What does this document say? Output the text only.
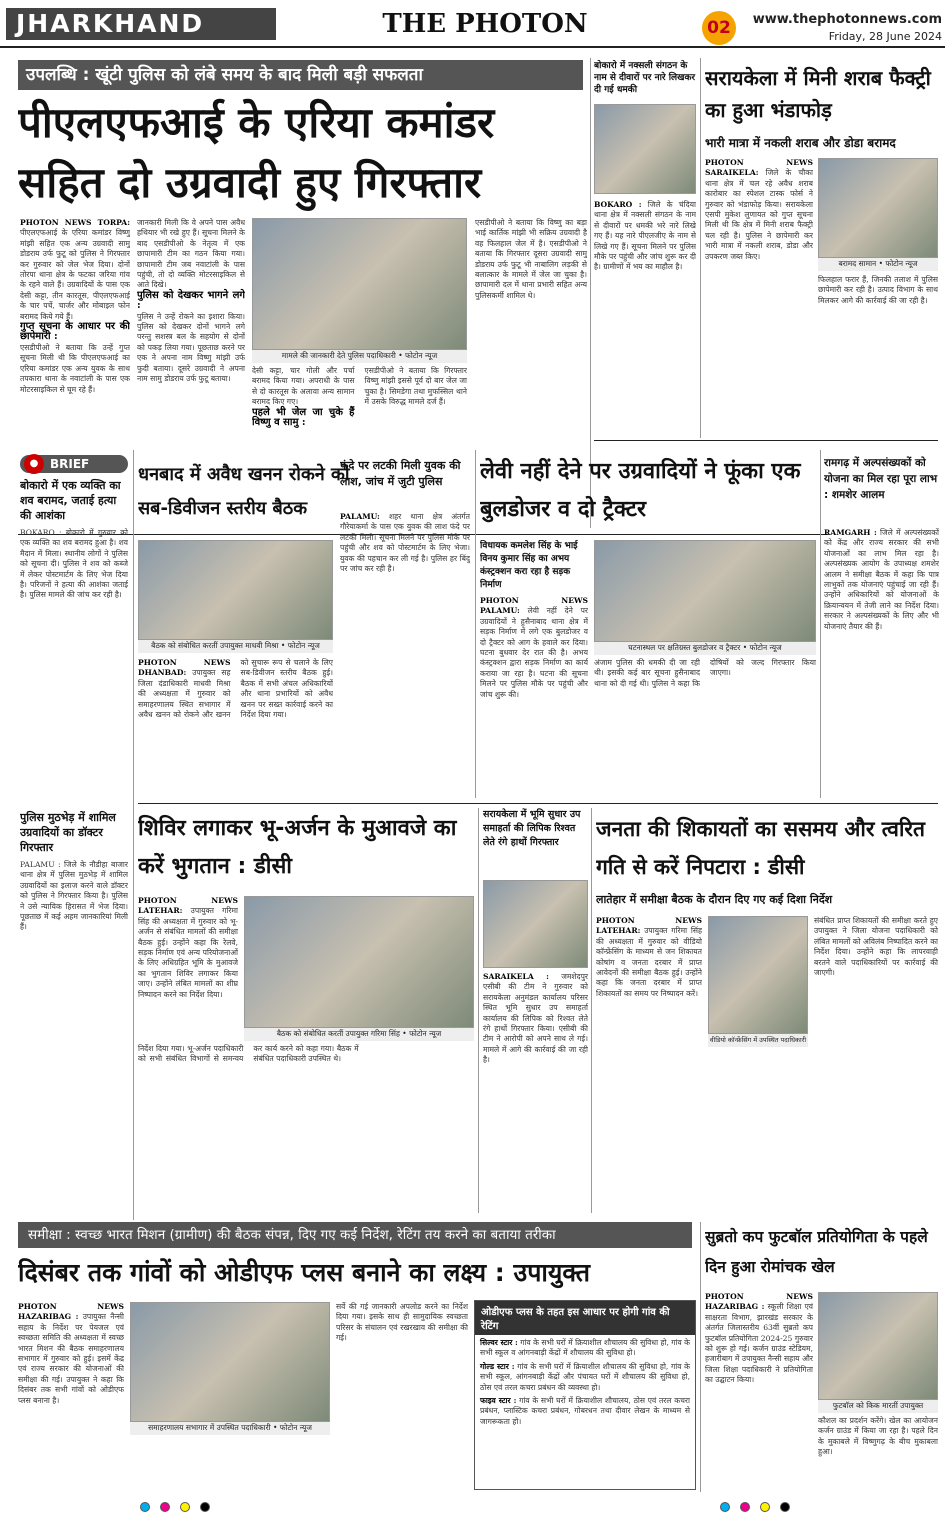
JHARKHAND	THE PHOTON	02	www.thephotonnews.com
Friday, 28 June 2024
उपलब्धि : खूंटी पुलिस को लंबे समय के बाद मिली बड़ी सफलता
पीएलएफआई के एरिया कमांडर
सहित दो उग्रवादी हुए गिरफ्तार
PHOTON NEWS TORPA: पीएलएफआई के एरिया कमांडर विष्णु मांझी सहित एक अन्य उग्रवादी सामु डोडराय उर्फ फुटू को पुलिस ने गिरफ्तार कर गुरुवार को जेल भेज दिया। दोनों तोरपा थाना क्षेत्र के फटका जरिया गांव के रहने वाले हैं। उग्रवादियों के पास एक देसी कट्टा, तीन कारतूस, पीएलएफआई के चार पर्चे, चार्जर और मोबाइल फोन बरामद किये गये हैं।
गुप्त सूचना के आधार पर की छापेमारी :
एसडीपीओ ने बताया कि उन्हें गुप्त सूचना मिली थी कि पीएलएफआई का एरिया कमांडर एक अन्य युवक के साथ तपकारा थाना के नवाटांली के पास एक मोटरसाइकिल से घूम रहे हैं।
जानकारी मिली कि वे अपने पास अवैध हथियार भी रखे हुए हैं। सूचना मिलने के बाद एसडीपीओ के नेतृत्व में एक छापामारी टीम का गठन किया गया। छापामारी टीम जब नवाटांली के पास पहुंची, तो दो व्यक्ति मोटरसाइकिल से आते दिखे।
पुलिस को देखकर भागने लगे :
पुलिस ने उन्हें रोकने का इशारा किया। पुलिस को देखकर दोनों भागने लगे परन्तु सशस्त्र बल के सहयोग से दोनों को पकड़ लिया गया। पूछताछ करने पर एक ने अपना नाम विष्णु मांझी उर्फ फुदी बताया। दूसरे उग्रवादी ने अपना नाम सामु डोडराय उर्फ फुटू बताया।
मामले की जानकारी देते पुलिस पदाधिकारी • फोटोन न्यूज
देसी कट्टा, चार गोली और पर्चा बरामद किया गया। अपराधी के पास से दो कारतूस के अलावा अन्य सामान बरामद किए गए।
पहले भी जेल जा चुके हैं विष्णु व सामु :
एसडीपीओ ने बताया कि गिरफ्तार विष्णु मांझी इससे पूर्व दो बार जेल जा चुका है। सिमडेगा तथा मुफस्सिल थाने में उसके विरुद्ध मामले दर्ज हैं।
एसडीपीओ ने बताया कि विष्णु का बड़ा भाई कार्तिक मांझी भी सक्रिय उग्रवादी है वह फिलहाल जेल में है। एसडीपीओ ने बताया कि गिरफ्तार दूसरा उग्रवादी सामु डोडराय उर्फ फुटू भी नाबालिग लड़की से बलात्कार के मामले में जेल जा चुका है। छापामारी दल में थाना प्रभारी सहित अन्य पुलिसकर्मी शामिल थे।
बोकारो में नक्सली संगठन के नाम से दीवारों पर नारे लिखकर दी गई धमकी
BOKARO : जिले के चंदिया थाना क्षेत्र में नक्सली संगठन के नाम से दीवारों पर धमकी भरे नारे लिखे गए हैं। यह नारे पीएलजीए के नाम से लिखे गए हैं। सूचना मिलने पर पुलिस मौके पर पहुंची और जांच शुरू कर दी है। ग्रामीणों में भय का माहौल है।
सरायकेला में मिनी शराब फैक्ट्री का हुआ भंडाफोड़
भारी मात्रा में नकली शराब और डोडा बरामद
PHOTON NEWS SARAIKELA: जिले के चौका थाना क्षेत्र में चल रहे अवैध शराब कारोबार का स्पेशल टास्क फोर्स ने गुरुवार को भंडाफोड़ किया। सरायकेला एसपी मुकेश लुणायत को गुप्त सूचना मिली थी कि क्षेत्र में मिनी शराब फैक्ट्री चल रही है। पुलिस ने छापेमारी कर भारी मात्रा में नकली शराब, डोडा और उपकरण जब्त किए।
बरामद सामान • फोटोन न्यूज
फिलहाल फरार हैं, जिनकी तलाश में पुलिस छापेमारी कर रही है। उत्पाद विभाग के साथ मिलकर आगे की कार्रवाई की जा रही है।
BRIEF
●
बोकारो में एक व्यक्ति का शव बरामद, जताई हत्या की आशंका
BOKARO : बोकारो में गुरुवार को एक व्यक्ति का शव बरामद हुआ है। शव मैदान में मिला। स्थानीय लोगों ने पुलिस को सूचना दी। पुलिस ने शव को कब्जे में लेकर पोस्टमार्टम के लिए भेज दिया है। परिजनों ने हत्या की आशंका जताई है। पुलिस मामले की जांच कर रही है।
पुलिस मुठभेड़ में शामिल उग्रवादियों का डॉक्टर गिरफ्तार
PALAMU : जिले के नौडीहा बाजार थाना क्षेत्र में पुलिस मुठभेड़ में शामिल उग्रवादियों का इलाज करने वाले डॉक्टर को पुलिस ने गिरफ्तार किया है। पुलिस ने उसे न्यायिक हिरासत में भेज दिया। पूछताछ में कई अहम जानकारियां मिली हैं।
धनबाद में अवैध खनन रोकने को सब-डिवीजन स्तरीय बैठक
बैठक को संबोधित करतीं उपायुक्त माधवी मिश्रा • फोटोन न्यूज
PHOTON NEWS DHANBAD: उपायुक्त सह जिला दंडाधिकारी माधवी मिश्रा की अध्यक्षता में गुरुवार को समाहरणालय स्थित सभागार में अवैध खनन को रोकने और खनन को सुचारू रूप से चलाने के लिए सब-डिवीजन स्तरीय बैठक हुई। बैठक में सभी अंचल अधिकारियों और थाना प्रभारियों को अवैध खनन पर सख्त कार्रवाई करने का निर्देश दिया गया।
फंदे पर लटकी मिली युवक की लाश, जांच में जुटी पुलिस
PALAMU: शहर थाना क्षेत्र अंतर्गत गौरेयाकर्मा के पास एक युवक की लाश फंदे पर लटकी मिली। सूचना मिलने पर पुलिस मौके पर पहुंची और शव को पोस्टमार्टम के लिए भेजा। युवक की पहचान कर ली गई है। पुलिस हर बिंदु पर जांच कर रही है।
लेवी नहीं देने पर उग्रवादियों ने फूंका एक बुलडोजर व दो ट्रैक्टर
विधायक कमलेश सिंह के भाई विनय कुमार सिंह का अभय कंस्ट्रक्शन करा रहा है सड़क निर्माण
PHOTON NEWS PALAMU: लेवी नहीं देने पर उग्रवादियों ने हुसैनाबाद थाना क्षेत्र में सड़क निर्माण में लगे एक बुलडोजर व दो ट्रैक्टर को आग के हवाले कर दिया। घटना बुधवार देर रात की है। अभय कंस्ट्रक्शन द्वारा सड़क निर्माण का कार्य कराया जा रहा है। घटना की सूचना मिलने पर पुलिस मौके पर पहुंची और जांच शुरू की।
घटनास्थल पर क्षतिग्रस्त बुलडोजर व ट्रैक्टर • फोटोन न्यूज
अंजाम पुलिस की धमकी दी जा रही थी। इसकी कई बार सूचना हुसैनाबाद थाना को दी गई थी। पुलिस ने कहा कि दोषियों को जल्द गिरफ्तार किया जाएगा।
रामगढ़ में अल्पसंख्यकों को योजना का मिल रहा पूरा लाभ : शमशेर आलम
RAMGARH : जिले में अल्पसंख्यकों को केंद्र और राज्य सरकार की सभी योजनाओं का लाभ मिल रहा है। अल्पसंख्यक आयोग के उपाध्यक्ष शमशेर आलम ने समीक्षा बैठक में कहा कि पात्र लाभुकों तक योजनाएं पहुंचाई जा रही हैं। उन्होंने अधिकारियों को योजनाओं के क्रियान्वयन में तेजी लाने का निर्देश दिया। सरकार ने अल्पसंख्यकों के लिए और भी योजनाएं तैयार की हैं।
शिविर लगाकर भू-अर्जन के मुआवजे का करें भुगतान : डीसी
PHOTON NEWS LATEHAR: उपायुक्त गरिमा सिंह की अध्यक्षता में गुरुवार को भू-अर्जन से संबंधित मामलों की समीक्षा बैठक हुई। उन्होंने कहा कि रेलवे, सड़क निर्माण एवं अन्य परियोजनाओं के लिए अधिग्रहित भूमि के मुआवजे का भुगतान शिविर लगाकर किया जाए। उन्होंने लंबित मामलों का शीघ्र निष्पादन करने का निर्देश दिया।
बैठक को संबोधित करतीं उपायुक्त गरिमा सिंह • फोटोन न्यूज
निर्देश दिया गया। भू-अर्जन पदाधिकारी को सभी संबंधित विभागों से समन्वय कर कार्य करने को कहा गया। बैठक में संबंधित पदाधिकारी उपस्थित थे।
सरायकेला में भूमि सुधार उप समाहर्ता की लिपिक रिश्वत लेते रंगे हाथों गिरफ्तार
SARAIKELA : जमशेदपुर एसीबी की टीम ने गुरुवार को सरायकेला अनुमंडल कार्यालय परिसर स्थित भूमि सुधार उप समाहर्ता कार्यालय की लिपिक को रिश्वत लेते रंगे हाथों गिरफ्तार किया। एसीबी की टीम ने आरोपी को अपने साथ ले गई। मामले में आगे की कार्रवाई की जा रही है।
जनता की शिकायतों का ससमय और त्वरित गति से करें निपटारा : डीसी
लातेहार में समीक्षा बैठक के दौरान दिए गए कई दिशा निर्देश
PHOTON NEWS LATEHAR: उपायुक्त गरिमा सिंह की अध्यक्षता में गुरुवार को वीडियो कॉन्फ्रेंसिंग के माध्यम से जन शिकायत कोषांग व जनता दरबार में प्राप्त आवेदनों की समीक्षा बैठक हुई। उन्होंने कहा कि जनता दरबार में प्राप्त शिकायतों का समय पर निष्पादन करें।
वीडियो कॉन्फ्रेंसिंग में उपस्थित पदाधिकारी
संबंधित प्राप्त शिकायतों की समीक्षा करते हुए उपायुक्त ने जिला योजना पदाधिकारी को लंबित मामलों को अविलंब निष्पादित करने का निर्देश दिया। उन्होंने कहा कि लापरवाही बरतने वाले पदाधिकारियों पर कार्रवाई की जाएगी।
समीक्षा : स्वच्छ भारत मिशन (ग्रामीण) की बैठक संपन्न, दिए गए कई निर्देश, रेटिंग तय करने का बताया तरीका
दिसंबर तक गांवों को ओडीएफ प्लस बनाने का लक्ष्य : उपायुक्त
PHOTON NEWS HAZARIBAG : उपायुक्त नैन्सी सहाय के निर्देश पर पेयजल एवं स्वच्छता समिति की अध्यक्षता में स्वच्छ भारत मिशन की बैठक समाहरणालय सभागार में गुरुवार को हुई। इसमें केंद्र एवं राज्य सरकार की योजनाओं की समीक्षा की गई। उपायुक्त ने कहा कि दिसंबर तक सभी गांवों को ओडीएफ प्लस बनाना है।
समाहरणालय सभागार में उपस्थित पदाधिकारी • फोटोन न्यूज
सर्वे की गई जानकारी अपलोड करने का निर्देश दिया गया। इसके साथ ही सामुदायिक स्वच्छता परिसर के संचालन एवं रखरखाव की समीक्षा की गई।
ओडीएफ प्लस के तहत इस आधार पर होगी गांव की रेटिंग
सिल्वर स्टार : गांव के सभी घरों में क्रियाशील शौचालय की सुविधा हो, गांव के सभी स्कूल व आंगनबाड़ी केंद्रों में शौचालय की सुविधा हो।
गोल्ड स्टार : गांव के सभी घरों में क्रियाशील शौचालय की सुविधा हो, गांव के सभी स्कूल, आंगनबाड़ी केंद्रों और पंचायत घरों में शौचालय की सुविधा हो, ठोस एवं तरल कचरा प्रबंधन की व्यवस्था हो।
फाइव स्टार : गांव के सभी घरों में क्रियाशील शौचालय, ठोस एवं तरल कचरा प्रबंधन, प्लास्टिक कचरा प्रबंधन, गोबरधन तथा दीवार लेखन के माध्यम से जागरूकता हो।
सुब्रतो कप फुटबॉल प्रतियोगिता के पहले दिन हुआ रोमांचक खेल
PHOTON NEWS HAZARIBAG : स्कूली शिक्षा एवं साक्षरता विभाग, झारखंड सरकार के अंतर्गत जिलास्तरीय 63वीं सुब्रतो कप फुटबॉल प्रतियोगिता 2024-25 गुरुवार को शुरू हो गई। कर्जन ग्राउंड स्टेडियम, हजारीबाग में उपायुक्त नैन्सी सहाय और जिला शिक्षा पदाधिकारी ने प्रतियोगिता का उद्घाटन किया।
फुटबॉल को किक मारतीं उपायुक्त
कौशल का प्रदर्शन करेंगे। खेल का आयोजन कर्जन ग्राउंड में किया जा रहा है। पहले दिन के मुकाबले में विष्णुगढ़ के बीच मुकाबला हुआ।
